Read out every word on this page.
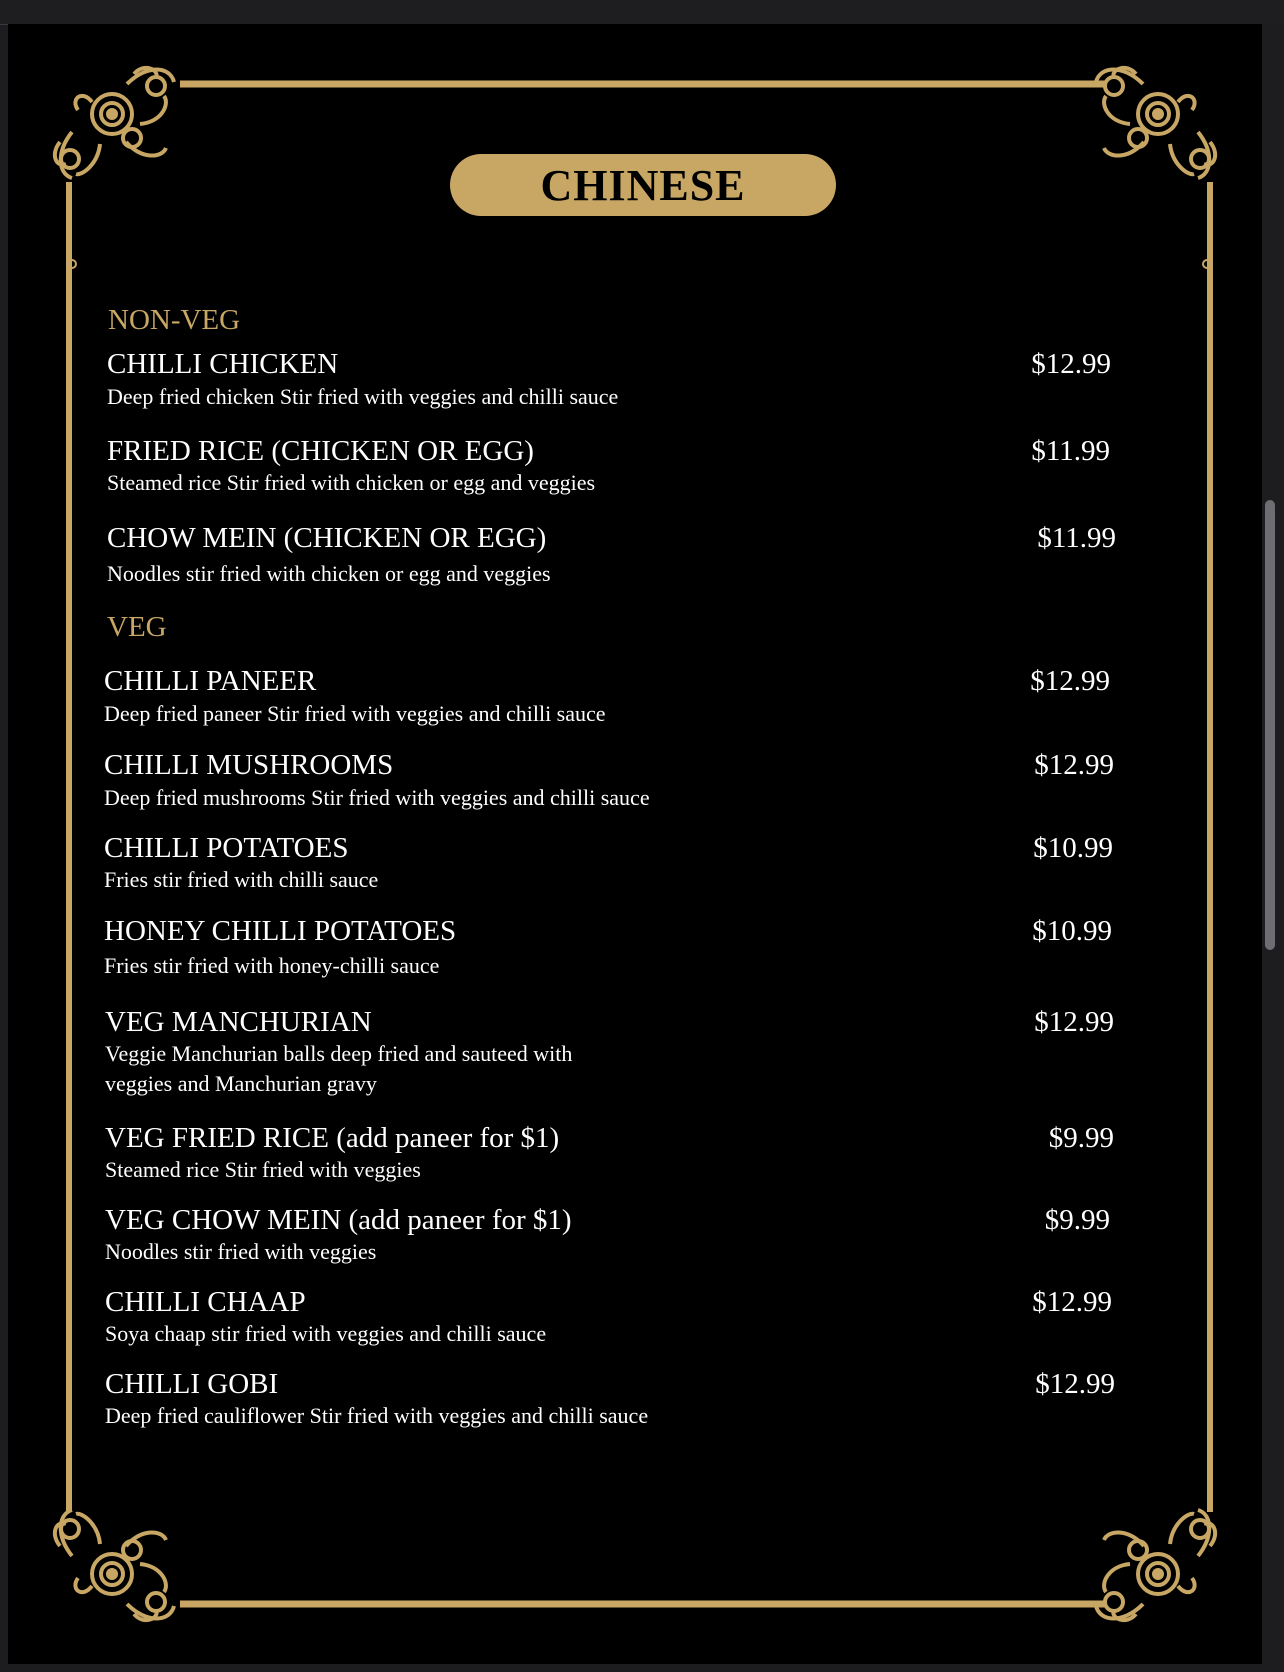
CHINESE
NON-VEG
CHILLI CHICKEN
Deep fried chicken Stir fried with veggies and chilli sauce
$12.99
FRIED RICE (CHICKEN OR EGG)
Steamed rice Stir fried with chicken or egg and veggies
$11.99
CHOW MEIN (CHICKEN OR EGG)
Noodles stir fried with chicken or egg and veggies
$11.99
VEG
CHILLI PANEER
Deep fried paneer Stir fried with veggies and chilli sauce
$12.99
CHILLI MUSHROOMS
Deep fried mushrooms Stir fried with veggies and chilli sauce
$12.99
CHILLI POTATOES
Fries stir fried with chilli sauce
$10.99
HONEY CHILLI POTATOES
Fries stir fried with honey-chilli sauce
$10.99
VEG MANCHURIAN
Veggie Manchurian balls deep fried and sauteed with
veggies and Manchurian gravy
$12.99
VEG FRIED RICE (add paneer for $1)
Steamed rice Stir fried with veggies
$9.99
VEG CHOW MEIN (add paneer for $1)
Noodles stir fried with veggies
$9.99
CHILLI CHAAP
Soya chaap stir fried with veggies and chilli sauce
$12.99
CHILLI GOBI
Deep fried cauliflower Stir fried with veggies and chilli sauce
$12.99
